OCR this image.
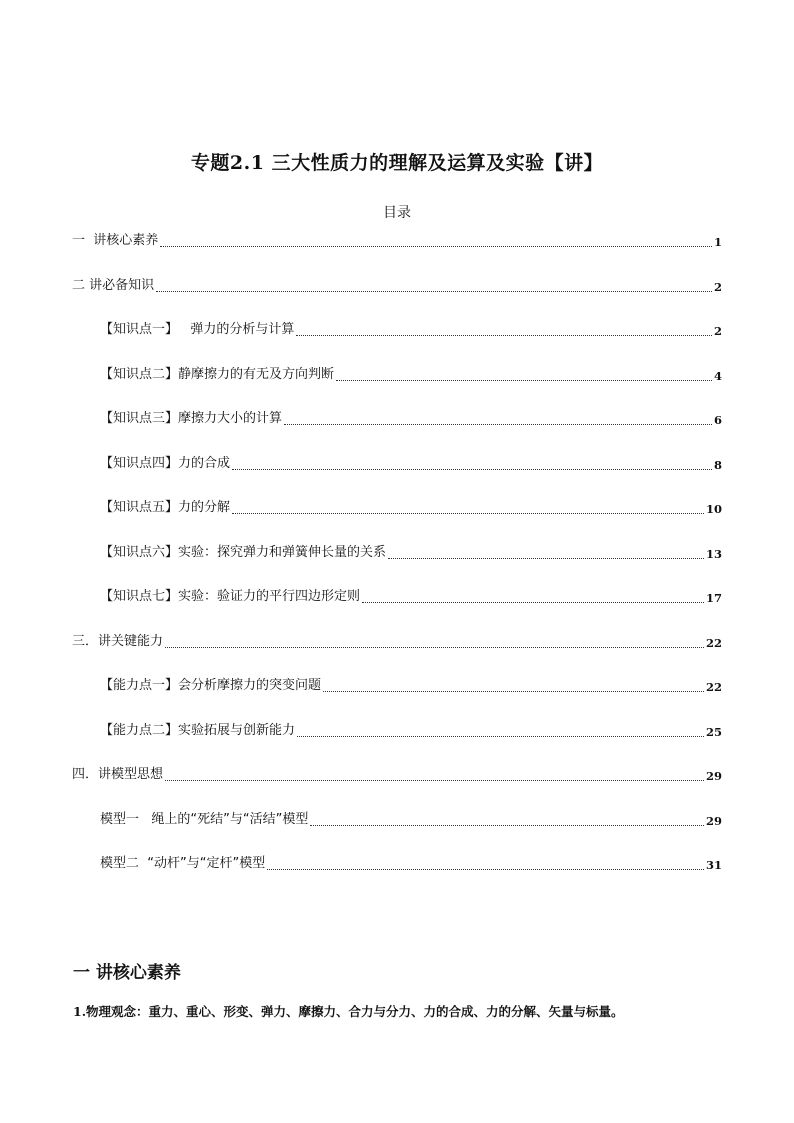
专题2.1 三大性质力的理解及运算及实验【讲】
目录
一  讲核心素养	1
二 讲必备知识	2
【知识点一】   弹力的分析与计算	2
【知识点二】静摩擦力的有无及方向判断	4
【知识点三】摩擦力大小的计算	6
【知识点四】力的合成	8
【知识点五】力的分解	10
【知识点六】实验：探究弹力和弹簧伸长量的关系	13
【知识点七】实验：验证力的平行四边形定则	17
三．讲关键能力	22
【能力点一】会分析摩擦力的突变问题	22
【能力点二】实验拓展与创新能力	25
四．讲模型思想	29
模型一   绳上的“死结”与“活结”模型	29
模型二  “动杆”与“定杆”模型	31
一 讲核心素养
1.物理观念：重力、重心、形变、弹力、摩擦力、合力与分力、力的合成、力的分解、矢量与标量。
